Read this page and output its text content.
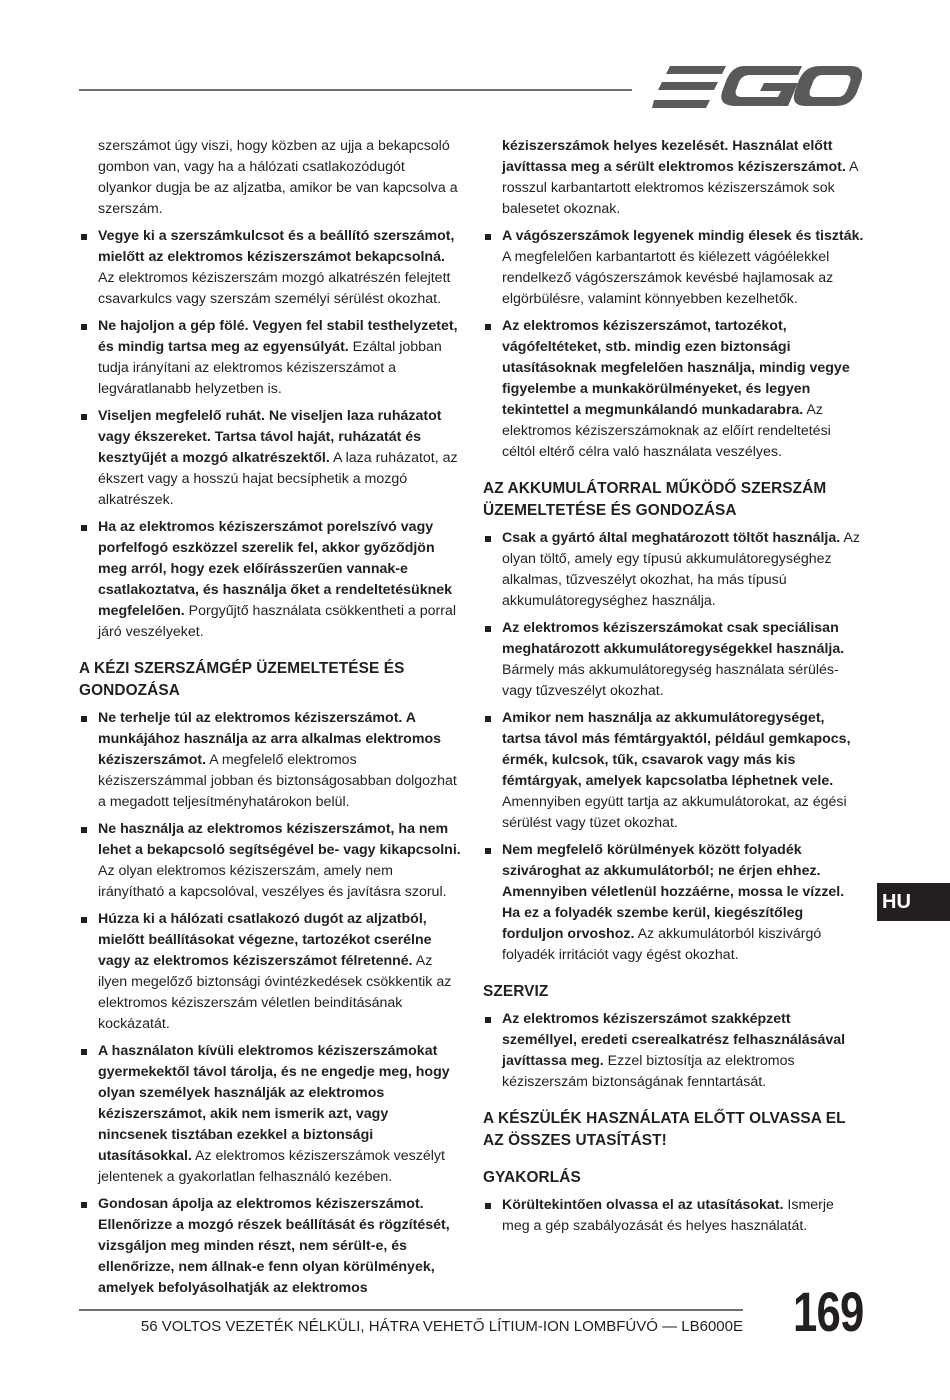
szerszámot úgy viszi, hogy közben az ujja a bekapcsoló gombon van, vagy ha a hálózati csatlakozódugót olyankor dugja be az aljzatba, amikor be van kapcsolva a szerszám.

Vegye ki a szerszámkulcsot és a beállító szerszámot, mielőtt az elektromos kéziszerszámot bekapcsolná. Az elektromos kéziszerszám mozgó alkatrészén felejtett csavarkulcs vagy szerszám személyi sérülést okozhat.
Ne hajoljon a gép fölé. Vegyen fel stabil testhelyzetet, és mindig tartsa meg az egyensúlyát. Ezáltal jobban tudja irányítani az elektromos kéziszerszámot a legváratlanabb helyzetben is.
Viseljen megfelelő ruhát. Ne viseljen laza ruházatot vagy ékszereket. Tartsa távol haját, ruházatát és kesztyűjét a mozgó alkatrészektől. A laza ruházatot, az ékszert vagy a hosszú hajat becsíphetik a mozgó alkatrészek.
Ha az elektromos kéziszerszámot porelszívó vagy porfelfogó eszközzel szerelik fel, akkor győződjön meg arról, hogy ezek előírásszerűen vannak-e csatlakoztatva, és használja őket a rendeltetésüknek megfelelően. Porgyűjtő használata csökkentheti a porral járó veszélyeket.
A KÉZI SZERSZÁMGÉP ÜZEMELTETÉSE ÉS GONDOZÁSA
Ne terhelje túl az elektromos kéziszerszámot. A munkájához használja az arra alkalmas elektromos kéziszerszámot. A megfelelő elektromos kéziszerszámmal jobban és biztonságosabban dolgozhat a megadott teljesítményhatárokon belül.
Ne használja az elektromos kéziszerszámot, ha nem lehet a bekapcsoló segítségével be- vagy kikapcsolni. Az olyan elektromos kéziszerszám, amely nem irányítható a kapcsolóval, veszélyes és javításra szorul.
Húzza ki a hálózati csatlakozó dugót az aljzatból, mielőtt beállításokat végezne, tartozékot cserélne vagy az elektromos kéziszerszámot félretenné. Az ilyen megelőző biztonsági óvintézkedések csökkentik az elektromos kéziszerszám véletlen beindításának kockázatát.
A használaton kívüli elektromos kéziszerszámokat gyermekektől távol tárolja, és ne engedje meg, hogy olyan személyek használják az elektromos kéziszerszámot, akik nem ismerik azt, vagy nincsenek tisztában ezekkel a biztonsági utasításokkal. Az elektromos kéziszerszámok veszélyt jelentenek a gyakorlatlan felhasználó kezében.
Gondosan ápolja az elektromos kéziszerszámot. Ellenőrizze a mozgó részek beállítását és rögzítését, vizsgáljon meg minden részt, nem sérült-e, és ellenőrizze, nem állnak-e fenn olyan körülmények, amelyek befolyásolhatják az elektromos

kéziszerszámok helyes kezelését. Használat előtt javíttassa meg a sérült elektromos kéziszerszámot. A rosszul karbantartott elektromos kéziszerszámok sok balesetet okoznak.

A vágószerszámok legyenek mindig élesek és tiszták. A megfelelően karbantartott és kiélezett vágóélekkel rendelkező vágószerszámok kevésbé hajlamosak az elgörbülésre, valamint könnyebben kezelhetők.
Az elektromos kéziszerszámot, tartozékot, vágófeltéteket, stb. mindig ezen biztonsági utasításoknak megfelelően használja, mindig vegye figyelembe a munkakörülményeket, és legyen tekintettel a megmunkálandó munkadarabra. Az elektromos kéziszerszámoknak az előírt rendeltetési céltól eltérő célra való használata veszélyes.
AZ AKKUMULÁTORRAL MŰKÖDŐ SZERSZÁM ÜZEMELTETÉSE ÉS GONDOZÁSA
Csak a gyártó által meghatározott töltőt használja. Az olyan töltő, amely egy típusú akkumulátoregységhez alkalmas, tűzveszélyt okozhat, ha más típusú akkumulátoregységhez használja.
Az elektromos kéziszerszámokat csak speciálisan meghatározott akkumulátoregységekkel használja. Bármely más akkumulátoregység használata sérülés- vagy tűzveszélyt okozhat.
Amikor nem használja az akkumulátoregységet, tartsa távol más fémtárgyaktól, például gemkapocs, érmék, kulcsok, tűk, csavarok vagy más kis fémtárgyak, amelyek kapcsolatba léphetnek vele. Amennyiben együtt tartja az akkumulátorokat, az égési sérülést vagy tüzet okozhat.
Nem megfelelő körülmények között folyadék szivároghat az akkumulátorból; ne érjen ehhez. Amennyiben véletlenül hozzáérne, mossa le vízzel. Ha ez a folyadék szembe kerül, kiegészítőleg forduljon orvoshoz. Az akkumulátorból kiszivárgó folyadék irritációt vagy égést okozhat.
SZERVIZ
Az elektromos kéziszerszámot szakképzett személlyel, eredeti cserealkatrész felhasználásával javíttassa meg. Ezzel biztosítja az elektromos kéziszerszám biztonságának fenntartását.
A KÉSZÜLÉK HASZNÁLATA ELŐTT OLVASSA EL AZ ÖSSZES UTASÍTÁST!
GYAKORLÁS
Körültekintően olvassa el az utasításokat. Ismerje meg a gép szabályozását és helyes használatát.
HU
56 VOLTOS VEZETÉK NÉLKÜLI, HÁTRA VEHETŐ LÍTIUM-ION LOMBFÚVÓ — LB6000E 169
